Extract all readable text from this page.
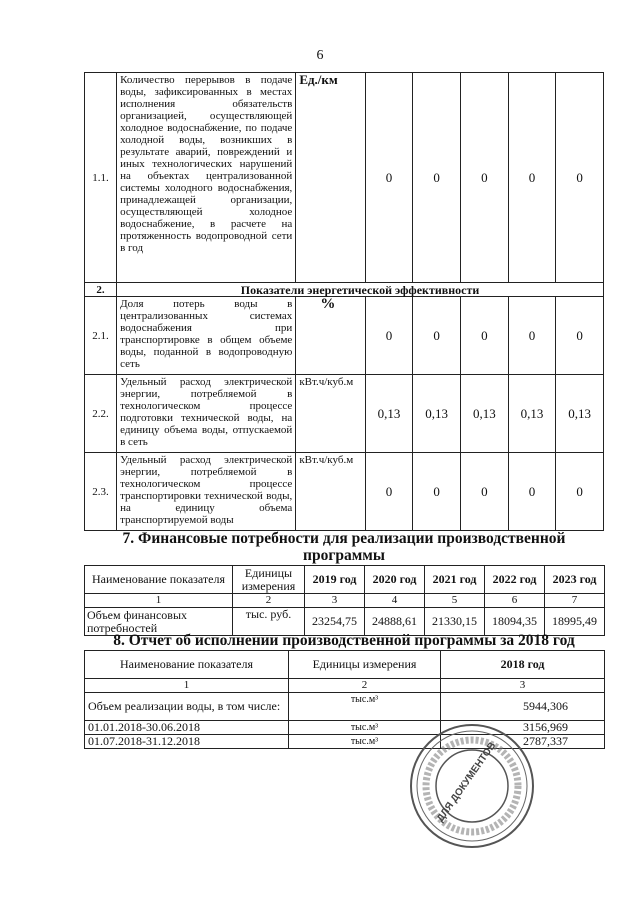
6
1.1.	Количество перерывов в подаче воды, зафиксированных в местах исполнения обязательств организацией, осуществляющей холодное водоснабжение, по подаче холодной воды, возникших в результате аварий, повреждений и иных технологических нарушений на объектах централизованной системы холодного водоснабжения, принадлежащей организации, осуществляющей холодное водоснабжение, в расчете на протяженность водопроводной сети в год	Ед./км	0	0	0	0	0
2.	Показатели энергетической эффективности						
2.1.	Доля потерь воды в централизованных системах водоснабжения при транспортировке в общем объеме воды, поданной в водопроводную сеть	%	0	0	0	0	0
2.2.	Удельный расход электрической энергии, потребляемой в технологическом процессе подготовки технической воды, на единицу объема воды, отпускаемой в сеть	кВт.ч/куб.м	0,13	0,13	0,13	0,13	0,13
2.3.	Удельный расход электрической энергии, потребляемой в технологическом процессе транспортировки технической воды, на единицу объема транспортируемой воды	кВт.ч/куб.м	0	0	0	0	0
7. Финансовые потребности для реализации производственной программы
Наименование показателя	Единицы измерения	2019 год	2020 год	2021 год	2022 год	2023 год
1	2	3	4	5	6	7
Объем финансовых потребностей	тыс. руб.	23254,75	24888,61	21330,15	18094,35	18995,49
8. Отчет об исполнении производственной программы за 2018 год
Наименование показателя	Единицы измерения	2018 год
1	2	3
Объем реализации воды, в том числе:	тыс.м³	5944,306
01.01.2018-30.06.2018	тыс.м³	3156,969
01.07.2018-31.12.2018	тыс.м³	2787,337
ДЛЯ ДОКУМЕНТОВ
